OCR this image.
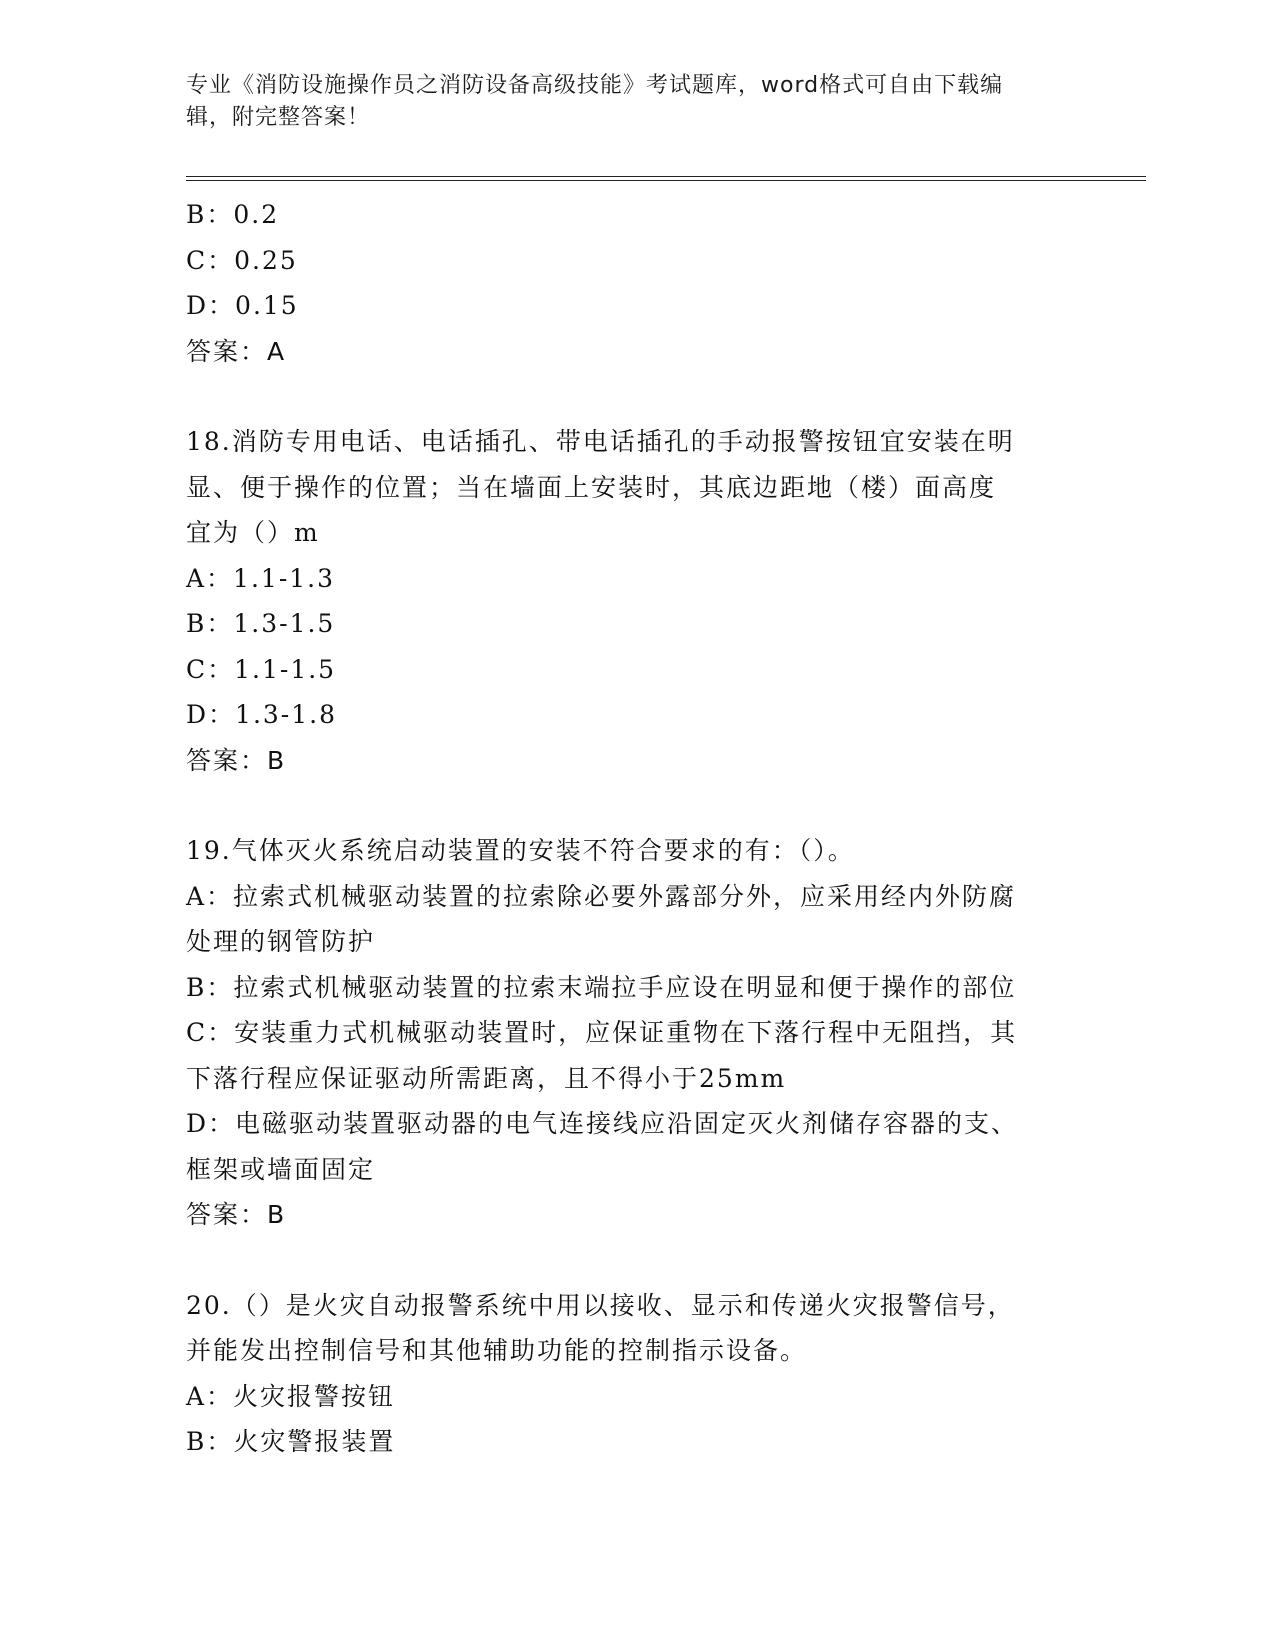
专业《消防设施操作员之消防设备高级技能》考试题库，word格式可自由下载编
辑，附完整答案！
B：0.2
C：0.25
D：0.15
答案：A
18.消防专用电话、电话插孔、带电话插孔的手动报警按钮宜安装在明
显、便于操作的位置；当在墙面上安装时，其底边距地（楼）面高度
宜为（）m
A：1.1-1.3
B：1.3-1.5
C：1.1-1.5
D：1.3-1.8
答案：B
19.气体灭火系统启动装置的安装不符合要求的有：（）。
A：拉索式机械驱动装置的拉索除必要外露部分外，应采用经内外防腐
处理的钢管防护
B：拉索式机械驱动装置的拉索末端拉手应设在明显和便于操作的部位
C：安装重力式机械驱动装置时，应保证重物在下落行程中无阻挡，其
下落行程应保证驱动所需距离，且不得小于25mm
D：电磁驱动装置驱动器的电气连接线应沿固定灭火剂储存容器的支、
框架或墙面固定
答案：B
20.（）是火灾自动报警系统中用以接收、显示和传递火灾报警信号，
并能发出控制信号和其他辅助功能的控制指示设备。
A：火灾报警按钮
B：火灾警报装置
